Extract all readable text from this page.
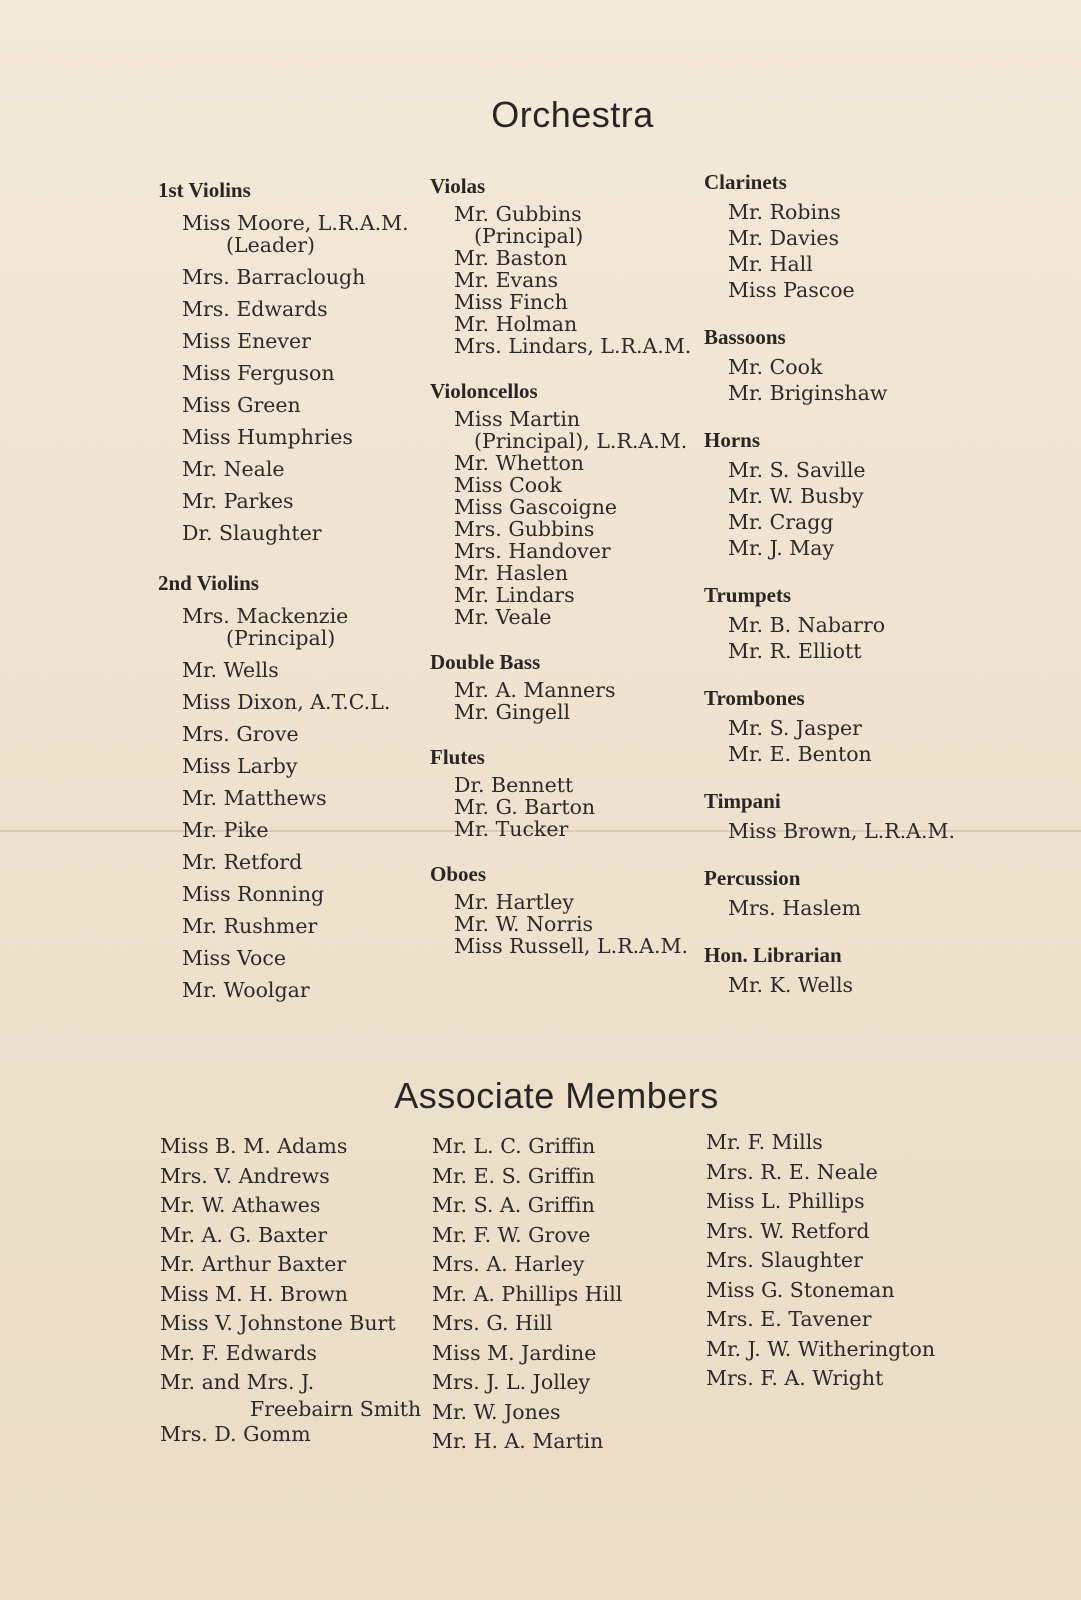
Orchestra
1st Violins
Miss Moore, L.R.A.M.
(Leader)
Mrs. Barraclough
Mrs. Edwards
Miss Enever
Miss Ferguson
Miss Green
Miss Humphries
Mr. Neale
Mr. Parkes
Dr. Slaughter
2nd Violins
Mrs. Mackenzie
(Principal)
Mr. Wells
Miss Dixon, A.T.C.L.
Mrs. Grove
Miss Larby
Mr. Matthews
Mr. Pike
Mr. Retford
Miss Ronning
Mr. Rushmer
Miss Voce
Mr. Woolgar
Violas
Mr. Gubbins
(Principal)
Mr. Baston
Mr. Evans
Miss Finch
Mr. Holman
Mrs. Lindars, L.R.A.M.
Violoncellos
Miss Martin
(Principal), L.R.A.M.
Mr. Whetton
Miss Cook
Miss Gascoigne
Mrs. Gubbins
Mrs. Handover
Mr. Haslen
Mr. Lindars
Mr. Veale
Double Bass
Mr. A. Manners
Mr. Gingell
Flutes
Dr. Bennett
Mr. G. Barton
Mr. Tucker
Oboes
Mr. Hartley
Mr. W. Norris
Miss Russell, L.R.A.M.
Clarinets
Mr. Robins
Mr. Davies
Mr. Hall
Miss Pascoe
Bassoons
Mr. Cook
Mr. Briginshaw
Horns
Mr. S. Saville
Mr. W. Busby
Mr. Cragg
Mr. J. May
Trumpets
Mr. B. Nabarro
Mr. R. Elliott
Trombones
Mr. S. Jasper
Mr. E. Benton
Timpani
Miss Brown, L.R.A.M.
Percussion
Mrs. Haslem
Hon. Librarian
Mr. K. Wells
Associate Members
Miss B. M. Adams
Mrs. V. Andrews
Mr. W. Athawes
Mr. A. G. Baxter
Mr. Arthur Baxter
Miss M. H. Brown
Miss V. Johnstone Burt
Mr. F. Edwards
Mr. and Mrs. J.
Freebairn Smith
Mrs. D. Gomm
Mr. L. C. Griffin
Mr. E. S. Griffin
Mr. S. A. Griffin
Mr. F. W. Grove
Mrs. A. Harley
Mr. A. Phillips Hill
Mrs. G. Hill
Miss M. Jardine
Mrs. J. L. Jolley
Mr. W. Jones
Mr. H. A. Martin
Mr. F. Mills
Mrs. R. E. Neale
Miss L. Phillips
Mrs. W. Retford
Mrs. Slaughter
Miss G. Stoneman
Mrs. E. Tavener
Mr. J. W. Witherington
Mrs. F. A. Wright
